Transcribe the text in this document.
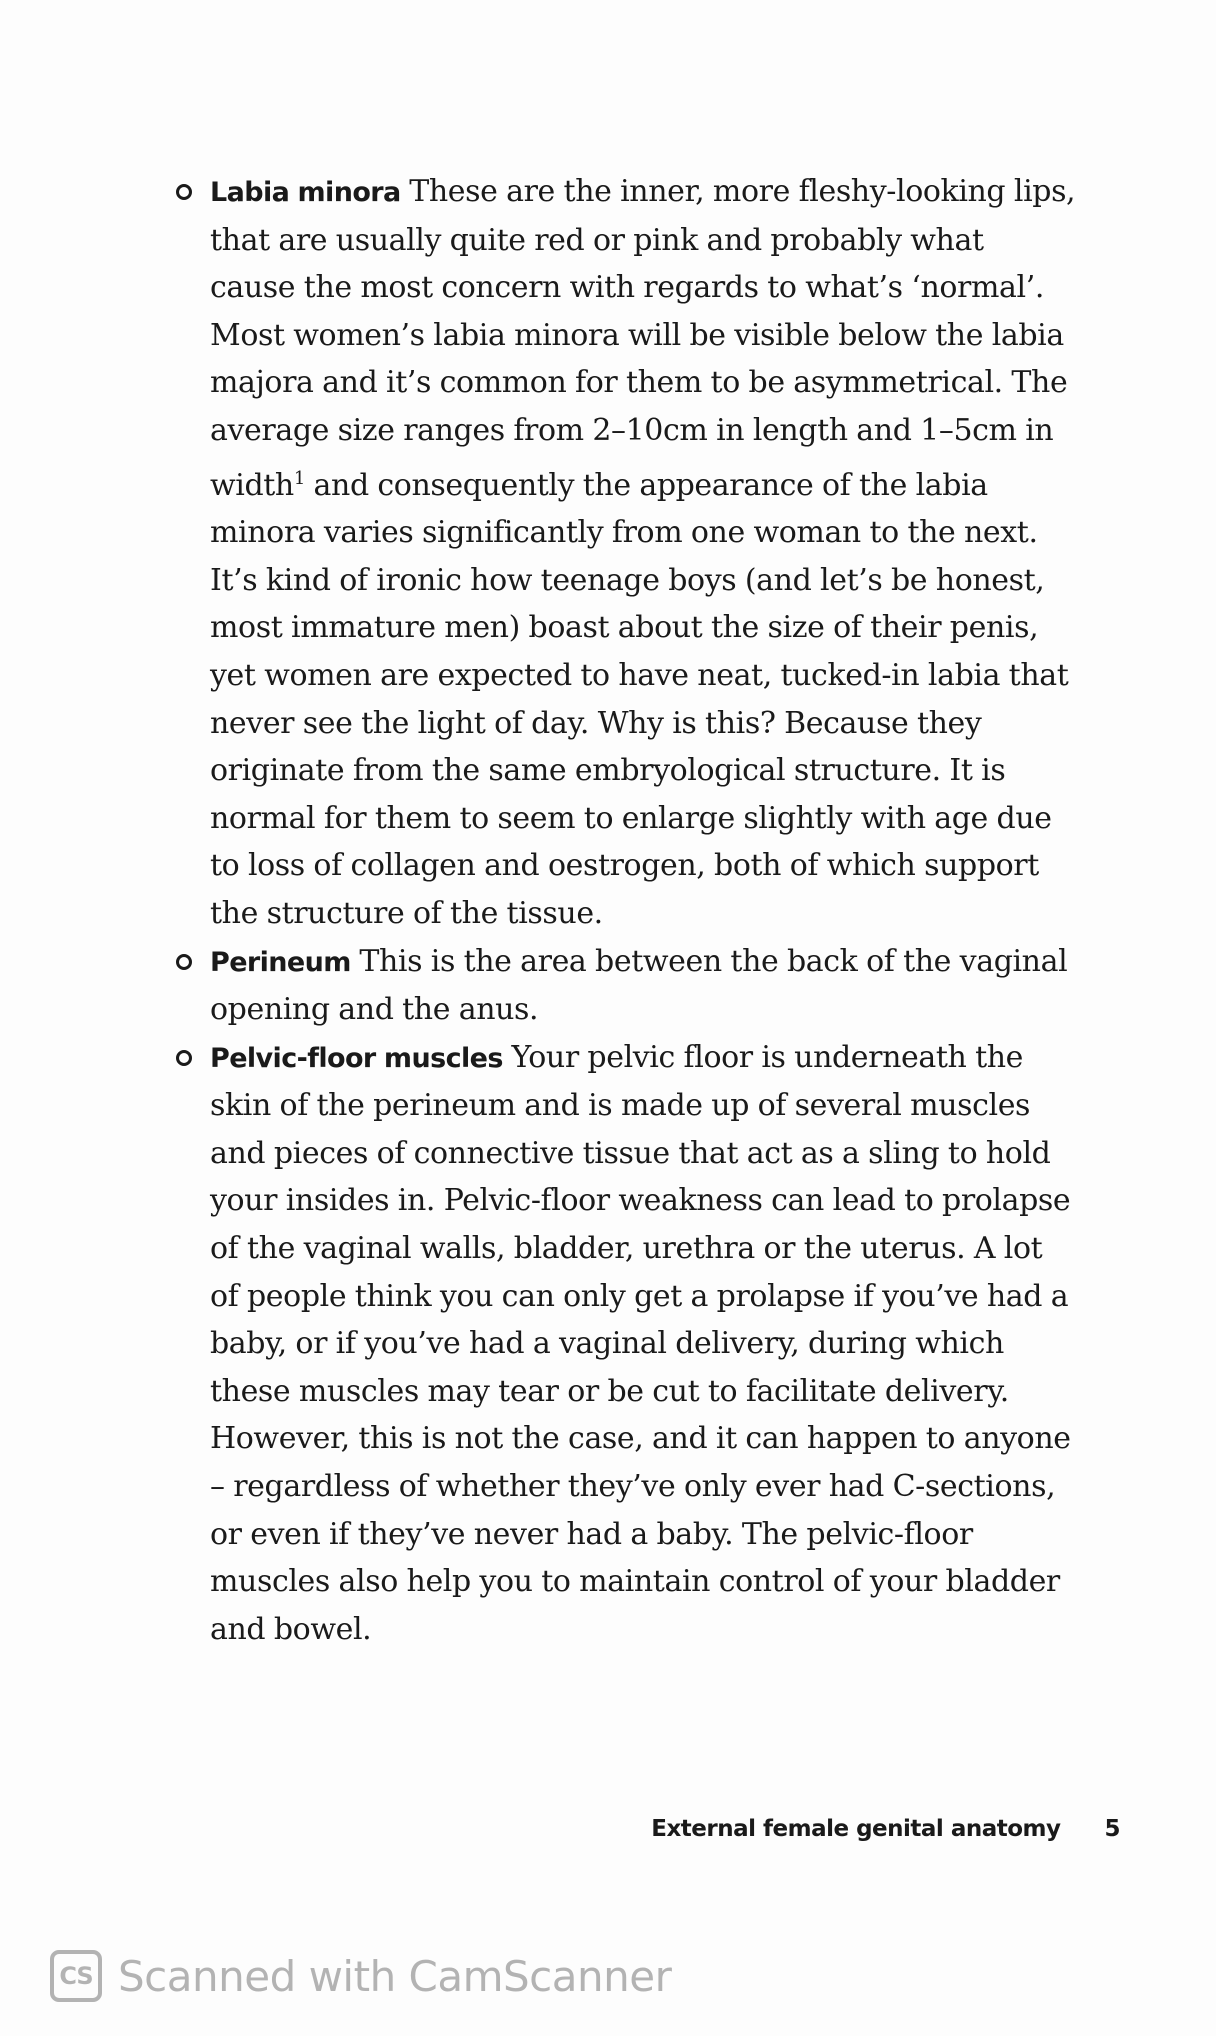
Labia minora These are the inner, more fleshy-looking lips, that are usually quite red or pink and probably what cause the most concern with regards to what’s ‘normal’. Most women’s labia minora will be visible below the labia majora and it’s common for them to be asymmetrical. The average size ranges from 2–10cm in length and 1–5cm in width$^1$ and consequently the appearance of the labia minora varies significantly from one woman to the next. It’s kind of ironic how teenage boys (and let’s be honest, most immature men) boast about the size of their penis, yet women are expected to have neat, tucked-in labia that never see the light of day. Why is this? Because they originate from the same embryological structure. It is normal for them to seem to enlarge slightly with age due to loss of collagen and oestrogen, both of which support the structure of the tissue.
Perineum This is the area between the back of the vaginal opening and the anus.
Pelvic-floor muscles Your pelvic floor is underneath the skin of the perineum and is made up of several muscles and pieces of connective tissue that act as a sling to hold your insides in. Pelvic-floor weakness can lead to prolapse of the vaginal walls, bladder, urethra or the uterus. A lot of people think you can only get a prolapse if you’ve had a baby, or if you’ve had a vaginal delivery, during which these muscles may tear or be cut to facilitate delivery. However, this is not the case, and it can happen to anyone – regardless of whether they’ve only ever had C-sections, or even if they’ve never had a baby. The pelvic-floor muscles also help you to maintain control of your bladder and bowel.
External female genital anatomy 5
CS Scanned with CamScanner
